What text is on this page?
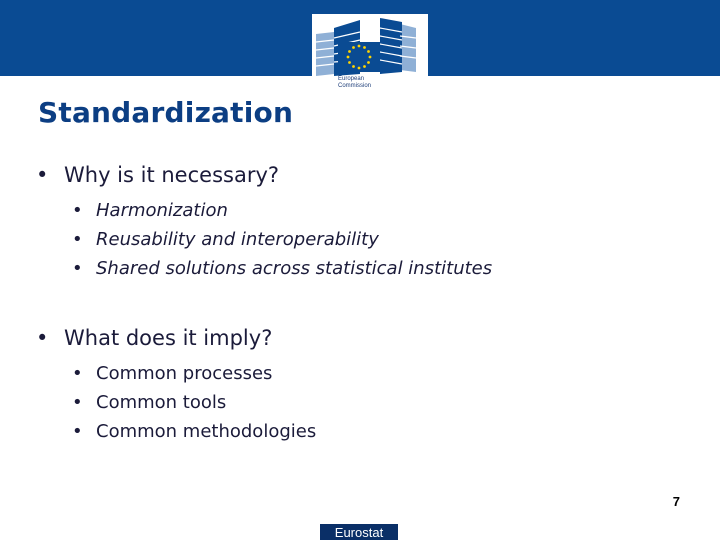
European
Commission
Standardization
• Why is it necessary?
• Harmonization
• Reusability and interoperability
• Shared solutions across statistical institutes
• What does it imply?
• Common processes
• Common tools
• Common methodologies
7
Eurostat
